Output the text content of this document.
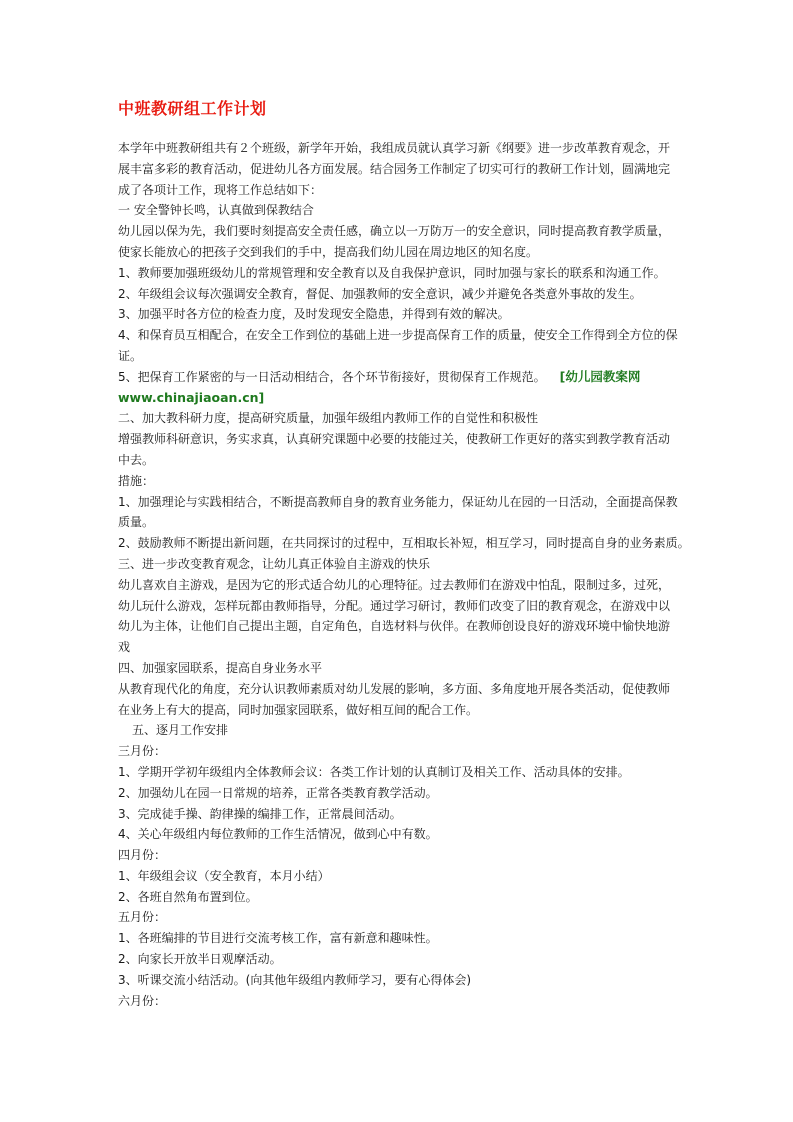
中班教研组工作计划
本学年中班教研组共有２个班级，新学年开始，我组成员就认真学习新《纲要》进一步改革教育观念，开
展丰富多彩的教育活动，促进幼儿各方面发展。结合园务工作制定了切实可行的教研工作计划，圆满地完
成了各项计工作，现将工作总结如下：
一 安全警钟长鸣，认真做到保教结合
幼儿园以保为先，我们要时刻提高安全责任感，确立以一万防万一的安全意识，同时提高教育教学质量，
使家长能放心的把孩子交到我们的手中，提高我们幼儿园在周边地区的知名度。
1、教师要加强班级幼儿的常规管理和安全教育以及自我保护意识，同时加强与家长的联系和沟通工作。
2、年级组会议每次强调安全教育，督促、加强教师的安全意识，减少并避免各类意外事故的发生。
3、加强平时各方位的检查力度，及时发现安全隐患，并得到有效的解决。
4、和保育员互相配合，在安全工作到位的基础上进一步提高保育工作的质量，使安全工作得到全方位的保
证。
5、把保育工作紧密的与一日活动相结合，各个环节衔接好，贯彻保育工作规范。 [幼儿园教案网
www.chinajiaoan.cn]
二、加大教科研力度，提高研究质量，加强年级组内教师工作的自觉性和积极性
增强教师科研意识，务实求真，认真研究课题中必要的技能过关，使教研工作更好的落实到教学教育活动
中去。
措施：
1、加强理论与实践相结合，不断提高教师自身的教育业务能力，保证幼儿在园的一日活动，全面提高保教
质量。
2、鼓励教师不断提出新问题，在共同探讨的过程中，互相取长补短，相互学习，同时提高自身的业务素质。
三、进一步改变教育观念，让幼儿真正体验自主游戏的快乐
幼儿喜欢自主游戏，是因为它的形式适合幼儿的心理特征。过去教师们在游戏中怕乱，限制过多，过死，
幼儿玩什么游戏，怎样玩都由教师指导，分配。通过学习研讨，教师们改变了旧的教育观念，在游戏中以
幼儿为主体，让他们自己提出主题，自定角色，自选材料与伙伴。在教师创设良好的游戏环境中愉快地游
戏
四、加强家园联系，提高自身业务水平
从教育现代化的角度，充分认识教师素质对幼儿发展的影响，多方面、多角度地开展各类活动，促使教师
在业务上有大的提高，同时加强家园联系，做好相互间的配合工作。
五、逐月工作安排
三月份：
1、学期开学初年级组内全体教师会议：各类工作计划的认真制订及相关工作、活动具体的安排。
2、加强幼儿在园一日常规的培养，正常各类教育教学活动。
3、完成徒手操、韵律操的编排工作，正常晨间活动。
4、关心年级组内每位教师的工作生活情况，做到心中有数。
四月份：
1、年级组会议（安全教育，本月小结）
2、各班自然角布置到位。
五月份：
1、各班编排的节目进行交流考核工作，富有新意和趣味性。
2、向家长开放半日观摩活动。
3、听课交流小结活动。(向其他年级组内教师学习，要有心得体会)
六月份：
